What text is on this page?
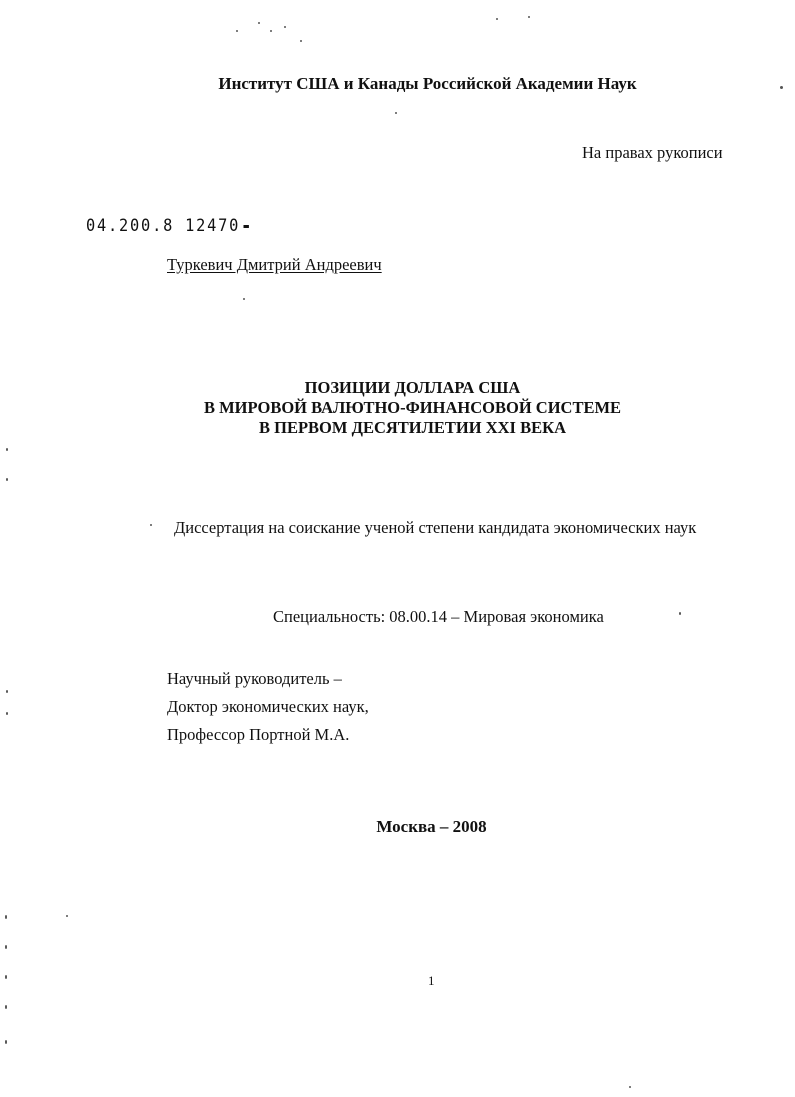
Институт США и Канады Российской Академии Наук
На правах рукописи
04.200.8 12470
Туркевич Дмитрий Андреевич
ПОЗИЦИИ ДОЛЛАРА США
В МИРОВОЙ ВАЛЮТНО-ФИНАНСОВОЙ СИСТЕМЕ
В ПЕРВОМ ДЕСЯТИЛЕТИИ XXI ВЕКА
Диссертация на соискание ученой степени кандидата экономических наук
Специальность: 08.00.14 – Мировая экономика
Научный руководитель –
Доктор экономических наук,
Профессор Портной М.А.
Москва – 2008
1
